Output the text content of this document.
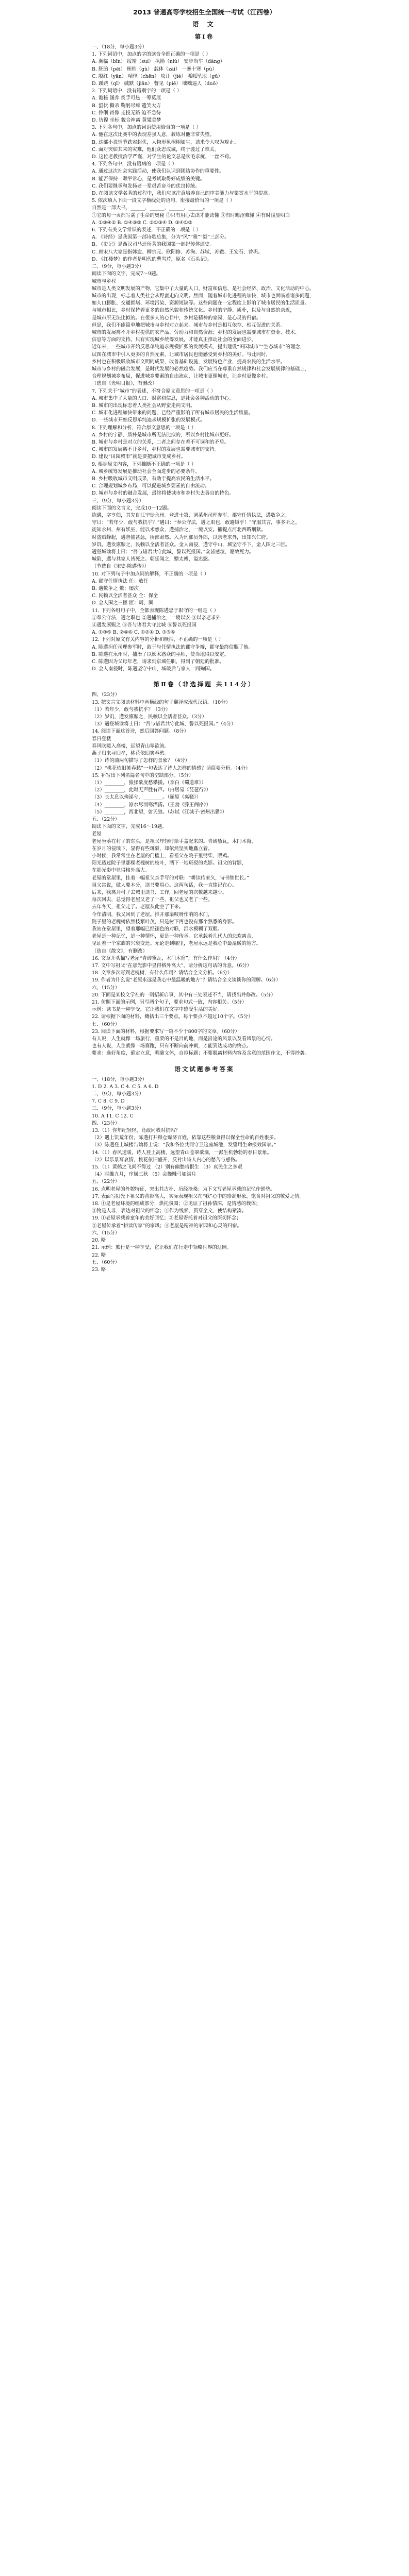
2013 普通高等学校招生全国统一考试（江西卷）
语 文
第Ⅰ卷

一、（18分，每小题3分）

1. 下列词语中，加点的字的读音全都正确的一项是（ ）

A. 濒临（bīn） 绥靖（suí） 执拗（niù） 安步当车（dàng）

B. 胚胎（pēi） 桎梏（gù） 载体（zài） 一暴十寒（pù）

C. 殷红（yān） 嗔怪（chēn） 攻讦（jié） 呱呱坠地（gū）

D. 蹊跷（qī） 缄默（jiān） 瞥见（piē） 咄咄逼人（duō）

2. 下列词语中，没有错别字的一项是（ ）

A. 诡秘 涵养 炙手可热 一筹莫展

B. 蜇伏 撕杀 鞠躬尽瘁 遗笑大方

C. 伶俐 肖像 走投无路 迫不急待

D. 彷徨 坐标 貌合神离 黄粱美梦

3. 下列各句中，加点的词语使用恰当的一项是（ ）

A. 他在这次比赛中的表现差强人意，教练对他非常失望。

B. 这部小说情节跌宕起伏，人物形象栩栩如生，读来令人叹为观止。

C. 面对突如其来的灾难，他们众志成城，终于渡过了难关。

D. 这位老教授治学严谨，对学生的论文总是吹毛求疵，一丝不苟。

4. 下列各句中，没有语病的一项是（ ）

A. 通过这次社会实践活动，使我们认识到团结协作的重要性。

B. 能否保持一颗平常心，是考试取得好成绩的关键。

C. 我们要继承和发扬老一辈艰苦奋斗的优良传统。

D. 在阅读文学名著的过程中，我们应该注意培养自己的审美能力与鉴赏水平的提高。

5. 依次填入下面一段文字横线处的语句，衔接最恰当的一项是（ ）

自然是一部大书，______，______，______，______。

①它的每一页都写满了生命的奥秘 ②只有用心去读才能读懂 ③有时晦涩难懂 ④有时浅显明白

A. ①③④② B. ①④③② C. ②①③④ D. ③④①②

6. 下列有关文学常识的表述，不正确的一项是（ ）

A. 《诗经》是我国第一部诗歌总集，分为“风”“雅”“颂”三部分。

B. 《史记》是西汉司马迁所著的我国第一部纪传体通史。

C. 唐宋八大家是指韩愈、柳宗元、欧阳修、苏洵、苏轼、苏辙、王安石、曾巩。

D. 《红楼梦》的作者是明代的曹雪芹，原名《石头记》。

二、（9分，每小题3分）

阅读下面的文字，完成7～9题。

城市与乡村

城市是人类文明发展的产物，它集中了大量的人口、财富和信息，是社会经济、政治、文化活动的中心。

城市的出现，标志着人类社会从野蛮走向文明。然而，随着城市化进程的加快，城市也面临着诸多问题，

如人口膨胀、交通拥堵、环境污染、资源短缺等。这些问题在一定程度上影响了城市居民的生活质量。

与城市相比，乡村保持着更多的自然风貌和传统文化。乡村的宁静、质朴，以及与自然的亲近，

是城市所无法比拟的。在很多人的心目中，乡村是精神的家园，是心灵的归宿。

但是，我们不能简单地把城市与乡村对立起来。城市与乡村是相互依存、相互促进的关系。

城市的发展离不开乡村提供的农产品、劳动力和自然资源；乡村的发展也需要城市在资金、技术、

信息等方面的支持。只有实现城乡统筹发展，才能真正推动社会的全面进步。

近年来，一些城市开始反思单纯追求规模扩张的发展模式，提出建设“田园城市”“生态城市”的理念，

试图在城市中引入更多的自然元素，让城市居民也能感受到乡村的美好。与此同时，

乡村也在积极吸收城市文明的成果，改善基础设施，发展特色产业，提高农民的生活水平。

城市与乡村的融合发展，是时代发展的必然趋势。我们应当在尊重自然规律和社会发展规律的基础上，

合理规划城乡布局，促进城乡要素的自由流动，让城市更像城市，让乡村更像乡村。

（选自《光明日报》，有删改）

7. 下列关于“城市”的表述，不符合原文意思的一项是（ ）

A. 城市集中了大量的人口、财富和信息，是社会各种活动的中心。

B. 城市的出现标志着人类社会从野蛮走向文明。

C. 城市化进程加快带来的问题，已经严重影响了所有城市居民的生活质量。

D. 一些城市开始反思单纯追求规模扩张的发展模式。

8. 下列理解和分析，符合原文意思的一项是（ ）

A. 乡村的宁静、质朴是城市所无法比拟的，所以乡村比城市更好。

B. 城市与乡村是对立的关系，二者之间存在着不可调和的矛盾。

C. 城市的发展离不开乡村，乡村的发展也需要城市的支持。

D. 建设“田园城市”就是要把城市变成乡村。

9. 根据原文内容，下列推断不正确的一项是（ ）

A. 城乡统筹发展是推动社会全面进步的必要条件。

B. 乡村吸收城市文明成果，有助于提高农民的生活水平。

C. 合理规划城乡布局，可以促进城乡要素的自由流动。

D. 城市与乡村的融合发展，最终将使城市和乡村失去各自的特色。

三、（9分，每小题3分）

阅读下面的文言文，完成10～12题。

陈遘，字亨伯，其先自江宁徙永州。登进士第，调莱州司理参军。郡守任情执法，遘数争之，

守曰：“若年少，敢与我抗乎？”遘曰：“奉公守法，遘之职也，敢避嫌乎！”守服其言，事多听之。

徙知永州，州有妖巫，能以术惑众，遘捕治之，一境以安。擢提点河北西路刑狱。

时盗贼蜂起，遘督捕甚急，所部肃然。入为刑部员外郎，以亲老求外，出知兴仁府。

岁饥，遘发廪赈之，民赖以全活者甚众。金人南侵，遘守中山，城坚守不下，金人围之三匝。

遘登城谕将士曰：“吾与诸君共守此城，誓以死报国。”众皆感泣，愿效死力。

城陷，遘与其家人皆死之。朝廷闻之，赠太傅，谥忠愍。

（节选自《宋史·陈遘传》）

10. 对下列句子中加点词的解释，不正确的一项是（ ）

A. 郡守任情执法 任：放任

B. 遘数争之 数：屡次

C. 民赖以全活者甚众 全：保全

D. 金人围之三匝 匝：周、圈

11. 下列各组句子中，全都表现陈遘忠于职守的一组是（ ）

①奉公守法，遘之职也 ②遘捕治之，一境以安 ③以亲老求外

④遘发廪赈之 ⑤吾与诸君共守此城 ⑥誓以死报国

A. ①③⑤ B. ②④⑥ C. ①②④ D. ③⑤⑥

12. 下列对原文有关内容的分析和概括，不正确的一项是（ ）

A. 陈遘担任司理参军时，敢于与任情执法的郡守争辩，郡守最终信服了他。

B. 陈遘在永州时，捕治了以妖术惑众的巫师，使当地得以安定。

C. 陈遘因为父母年老，请求到京城任职，得到了朝廷的批准。

D. 金人南侵时，陈遘坚守中山，城破后与家人一同殉国。

第Ⅱ卷（非选择题 共114分）

四、（23分）

13. 把文言文阅读材料中画横线的句子翻译成现代汉语。（10分）

（1）若年少，敢与我抗乎？（3分）

（2）岁饥，遘发廪赈之，民赖以全活者甚众。（3分）

（3）遘登城谕将士曰：“吾与诸君共守此城，誓以死报国。”（4分）

14. 阅读下面这首诗，然后回答问题。（8分）

春日登楼

春风吹暖入高楼，远望青山翠欲流。

燕子归来寻旧垒，桃花依旧笑春愁。

（1）诗的前两句描写了怎样的景象？（4分）

（2）“桃花依旧笑春愁”一句表达了诗人怎样的情感？请简要分析。（4分）

15. 补写出下列名篇名句中的空缺部分。（5分）

（1）________，猿猱欲度愁攀援。（李白《蜀道难》）

（2）________，此时无声胜有声。（白居易《琵琶行》）

（3）长太息以掩涕兮，________。（屈原《离骚》）

（4）________，潦水尽而寒潭清。（王勃《滕王阁序》）

（5）________，西北望，射天狼。（苏轼《江城子·密州出猎》）

五、（22分）

阅读下面的文字，完成16～19题。

老屋

老屋坐落在村子的东头，是祖父年轻时亲手盖起来的。青砖黛瓦，木门木窗，

在岁月的侵蚀下，显得有些斑驳，却依然坚实地矗立着。

小时候，我常常坐在老屋的门槛上，看祖父在院子里劈柴、喂鸡。

阳光透过院子里那棵老槐树的枝叶，洒下一地斑驳的光影。祖父的背影，

在那光影中显得格外高大。

老屋的堂屋里，挂着一幅祖父亲手写的对联：“耕读传家久，诗书继世长。”

祖父常说，做人要本分，读书要用心。这两句话，我一直铭记在心。

后来，我离开村子去城里读书、工作，回老屋的次数越来越少。

每次回去，总觉得老屋又老了一些，祖父也又老了一些。

去年冬天，祖父走了。老屋从此空了下来。

今年清明，我又回到了老屋。推开那扇吱呀作响的木门，

院子里的老槐树依然枝繁叶茂，只是树下再也没有那个熟悉的身影。

我站在堂屋里，望着那幅已经褪色的对联，泪水模糊了双眼。

老屋是一种记忆，是一种情怀，更是一种传承。它承载着几代人的悲欢离合，

见证着一个家族的兴衰变迁。无论走到哪里，老屋永远是我心中最温暖的地方。

（选自《散文》，有删改）

16. 文章开头描写老屋“青砖黛瓦，木门木窗”，有什么作用？（4分）

17. 文中写祖父“在那光影中显得格外高大”，请分析这句话的含意。（6分）

18. 文章多次写到老槐树，有什么作用？请结合全文分析。（6分）

19. 作者为什么说“老屋永远是我心中最温暖的地方”？请结合全文谈谈你的理解。（6分）

六、（15分）

20. 下面是某校文学社的一则招新启事，其中有三处表述不当，请找出并修改。（5分）

21. 仿照下面的示例，另写两个句子，要求句式一致，内容相关。（5分）

示例：读书是一种享受，它让我们在文字中感受生活的美好。

22. 请根据下面的材料，概括出三个要点。每个要点不超过10个字。（5分）

七、（60分）

23. 阅读下面的材料，根据要求写一篇不少于800字的文章。（60分）

有人说，人生就像一场旅行，重要的不是目的地，而是沿途的风景以及看风景的心情。

也有人说，人生就像一场赛跑，只有不断向前冲刺，才能到达成功的终点。

要求：选好角度，确定立意，明确文体，自拟标题；不要脱离材料内容及含意的范围作文，不得抄袭。

语文试题参考答案

一、（18分，每小题3分）

1. D 2. A 3. C 4. C 5. A 6. D

二、（9分，每小题3分）

7. C 8. C 9. D

三、（9分，每小题3分）

10. A 11. C 12. C

四、（23分）

13.（1）你年纪轻轻，竟敢同我对抗吗？

（2）遇上饥荒年份，陈遘打开粮仓赈济百姓，依靠这些粮食得以保全性命的百姓很多。

（3）陈遘登上城楼告谕将士说：“我和各位共同守卫这座城池，发誓用生命报效国家。”

14.（1）春风送暖，诗人登上高楼，远望青山苍翠欲滴，一派生机勃勃的春日景象。

（2）以乐景写哀情，桃花依旧盛开，反衬出诗人内心的愁苦与感伤。

15.（1）黄鹤之飞尚不得过 （2）别有幽愁暗恨生 （3）哀民生之多艰

（4）时维九月，序属三秋 （5）会挽雕弓如满月

五、（22分）

16. 点明老屋的外貌特征，突出其古朴、历经沧桑；为下文写老屋承载的记忆作铺垫。

17. 表面写阳光下祖父的背影高大，实际表现祖父在“我”心中的崇高形象，饱含对祖父的敬爱之情。

18. ①是老屋环境的组成部分，烘托氛围；②见证了祖孙情深，是情感的载体；

③物是人非，表达对祖父的怀念；④作为线索，贯穿全文，使结构紧凑。

19. ①老屋承载着童年的美好回忆；②老屋寄托着对祖父的深切怀念；

③老屋传承着“耕读传家”的家风；④老屋是精神的家园和心灵的归宿。

六、（15分）

20. 略

21. 示例：旅行是一种享受，它让我们在行走中领略世界的辽阔。

22. 略

七、（60分）

23. 略
